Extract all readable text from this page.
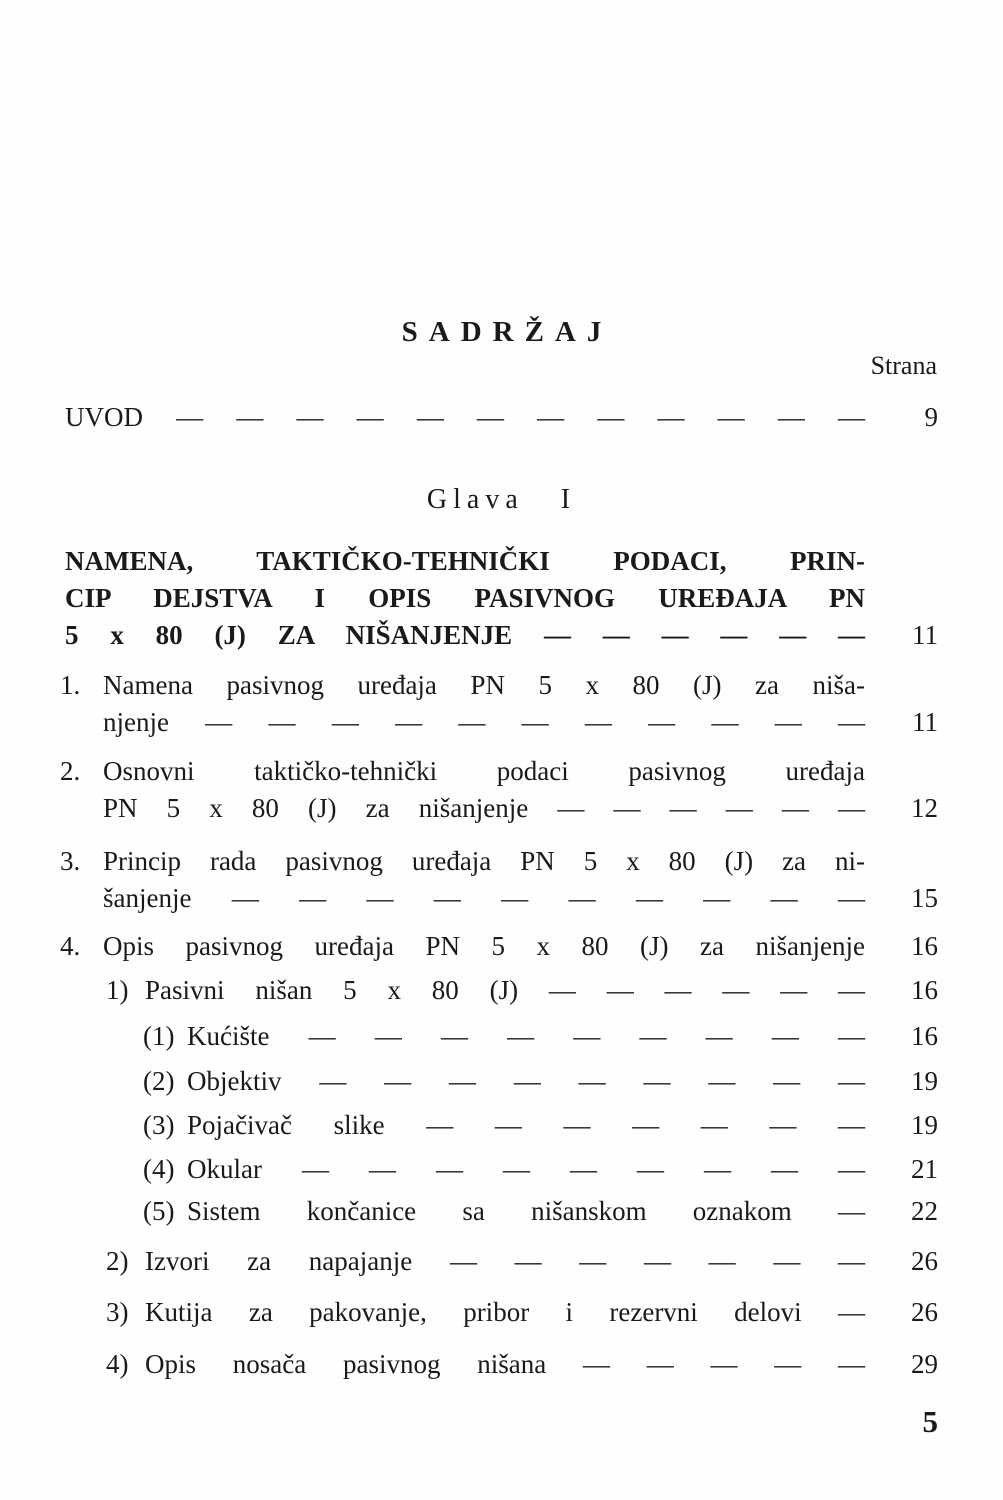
SADRŽAJ
Strana
UVOD — — — — — — — — — — — — 9
Glava I
NAMENA, TAKTIČKO-TEHNIČKI PODACI, PRIN-
CIP DEJSTVA I OPIS PASIVNOG UREĐAJA PN
5 x 80 (J) ZA NIŠANJENJE — — — — — — 11
1. Namena pasivnog uređaja PN 5 x 80 (J) za niša-
njenje — — — — — — — — — — — 11
2. Osnovni taktičko-tehnički podaci pasivnog uređaja
PN 5 x 80 (J) za nišanjenje — — — — — — 12
3. Princip rada pasivnog uređaja PN 5 x 80 (J) za ni-
šanjenje — — — — — — — — — — 15
4. Opis pasivnog uređaja PN 5 x 80 (J) za nišanjenje 16
1) Pasivni nišan 5 x 80 (J) — — — — — — 16
(1) Kućište — — — — — — — — — 16
(2) Objektiv — — — — — — — — — 19
(3) Pojačivač slike — — — — — — — 19
(4) Okular — — — — — — — — — 21
(5) Sistem končanice sa nišanskom oznakom — 22
2) Izvori za napajanje — — — — — — — 26
3) Kutija za pakovanje, pribor i rezervni delovi — 26
4) Opis nosača pasivnog nišana — — — — — 29
5
